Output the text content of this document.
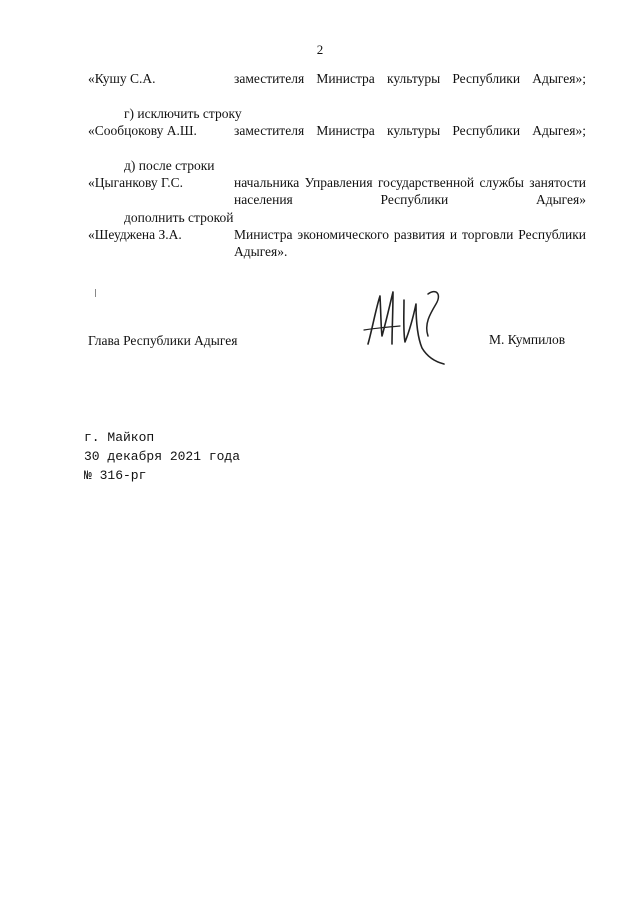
2
«Кушу С.А.	заместителя Министра культуры Республики Адыгея»;
г) исключить строку
«Сообцокову А.Ш.	заместителя Министра культуры Республики Адыгея»;
д) после строки
«Цыганкову Г.С.	начальника Управления государственной службы занятости населения Республики Адыгея»
дополнить строкой
«Шеуджена З.А.	Министра экономического развития и торговли Республики Адыгея».
Глава Республики Адыгея	М. Кумпилов
г. Майкоп
30 декабря 2021 года
№ 316-рг
